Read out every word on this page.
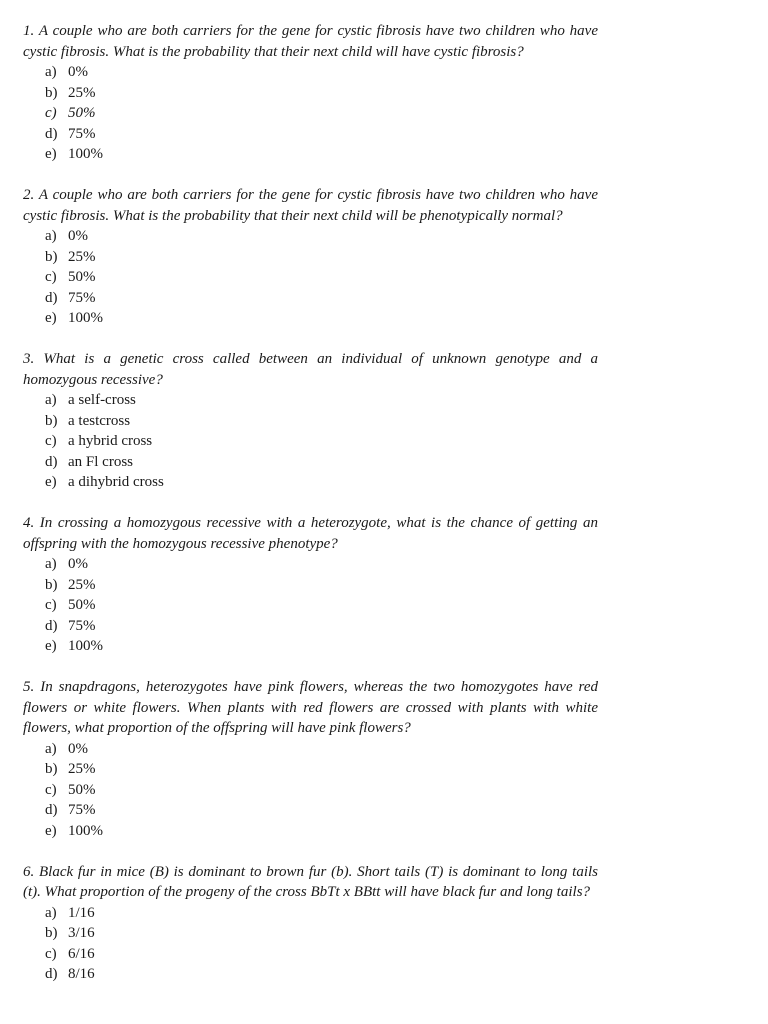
1. A couple who are both carriers for the gene for cystic fibrosis have two children who have cystic fibrosis. What is the probability that their next child will have cystic fibrosis?

a) 0%
b) 25%
c) 50%
d) 75%
e) 100%

2. A couple who are both carriers for the gene for cystic fibrosis have two children who have cystic fibrosis. What is the probability that their next child will be phenotypically normal?

a) 0%
b) 25%
c) 50%
d) 75%
e) 100%

3. What is a genetic cross called between an individual of unknown genotype and a homozygous recessive?

a) a self-cross
b) a testcross
c) a hybrid cross
d) an Fl cross
e) a dihybrid cross

4. In crossing a homozygous recessive with a heterozygote, what is the chance of getting an offspring with the homozygous recessive phenotype?

a) 0%
b) 25%
c) 50%
d) 75%
e) 100%

5. In snapdragons, heterozygotes have pink flowers, whereas the two homozygotes have red flowers or white flowers. When plants with red flowers are crossed with plants with white flowers, what proportion of the offspring will have pink flowers?

a) 0%
b) 25%
c) 50%
d) 75%
e) 100%

6. Black fur in mice (B) is dominant to brown fur (b). Short tails (T) is dominant to long tails (t). What proportion of the progeny of the cross BbTt x BBtt will have black fur and long tails?

a) 1/16
b) 3/16
c) 6/16
d) 8/16
